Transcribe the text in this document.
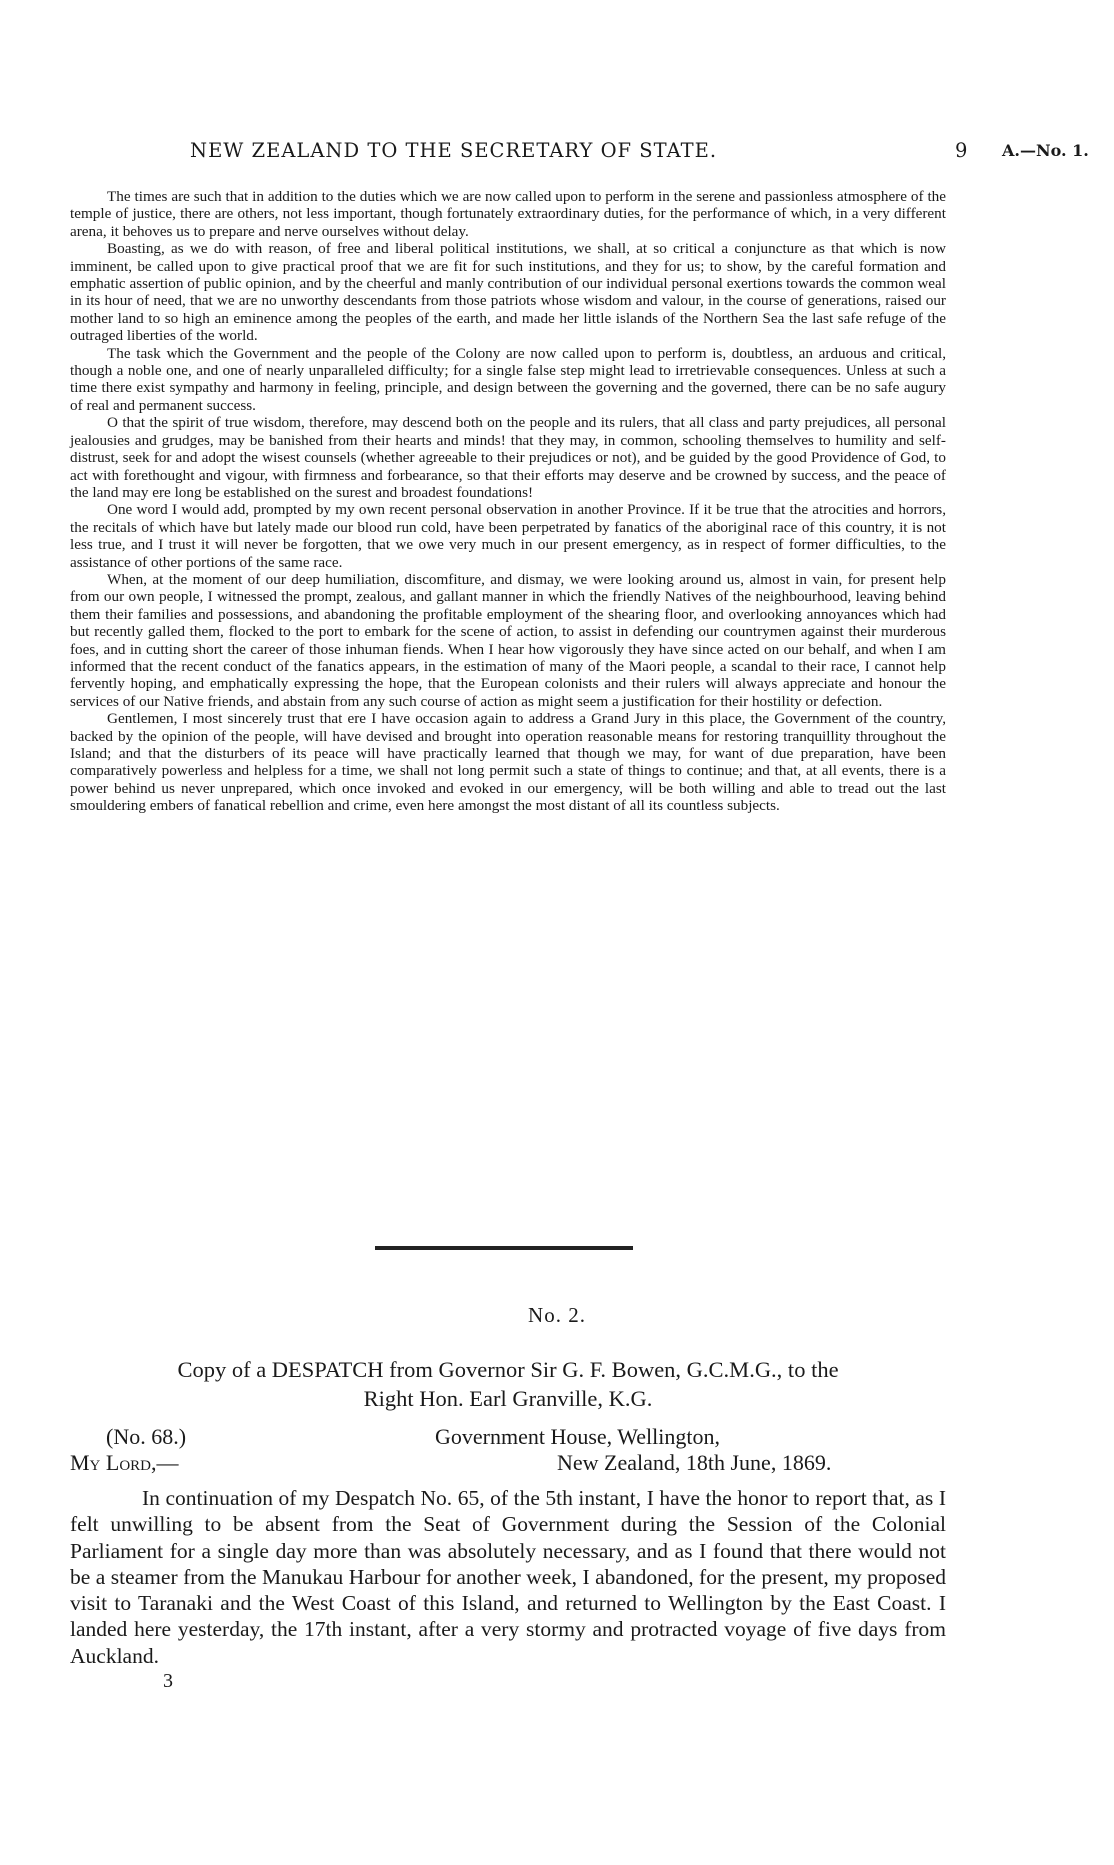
NEW ZEALAND TO THE SECRETARY OF STATE.	9 A.—No. 1.

The times are such that in addition to the duties which we are now called upon to perform in the serene and passionless atmosphere of the temple of justice, there are others, not less important, though fortunately extraordinary duties, for the performance of which, in a very different arena, it behoves us to prepare and nerve ourselves without delay.

Boasting, as we do with reason, of free and liberal political institutions, we shall, at so critical a conjuncture as that which is now imminent, be called upon to give practical proof that we are fit for such institutions, and they for us; to show, by the careful formation and emphatic assertion of public opinion, and by the cheerful and manly contribution of our individual personal exertions towards the common weal in its hour of need, that we are no unworthy descendants from those patriots whose wisdom and valour, in the course of generations, raised our mother land to so high an eminence among the peoples of the earth, and made her little islands of the Northern Sea the last safe refuge of the outraged liberties of the world.

The task which the Government and the people of the Colony are now called upon to perform is, doubtless, an arduous and critical, though a noble one, and one of nearly unparalleled difficulty; for a single false step might lead to irretrievable consequences. Unless at such a time there exist sympathy and harmony in feeling, principle, and design between the governing and the governed, there can be no safe augury of real and permanent success.

O that the spirit of true wisdom, therefore, may descend both on the people and its rulers, that all class and party prejudices, all personal jealousies and grudges, may be banished from their hearts and minds! that they may, in common, schooling themselves to humility and self-distrust, seek for and adopt the wisest counsels (whether agreeable to their prejudices or not), and be guided by the good Providence of God, to act with forethought and vigour, with firmness and forbearance, so that their efforts may deserve and be crowned by success, and the peace of the land may ere long be established on the surest and broadest foundations!

One word I would add, prompted by my own recent personal observation in another Province. If it be true that the atrocities and horrors, the recitals of which have but lately made our blood run cold, have been perpetrated by fanatics of the aboriginal race of this country, it is not less true, and I trust it will never be forgotten, that we owe very much in our present emergency, as in respect of former difficulties, to the assistance of other portions of the same race.

When, at the moment of our deep humiliation, discomfiture, and dismay, we were looking around us, almost in vain, for present help from our own people, I witnessed the prompt, zealous, and gallant manner in which the friendly Natives of the neighbourhood, leaving behind them their families and possessions, and abandoning the profitable employment of the shearing floor, and overlooking annoyances which had but recently galled them, flocked to the port to embark for the scene of action, to assist in defending our countrymen against their murderous foes, and in cutting short the career of those inhuman fiends. When I hear how vigorously they have since acted on our behalf, and when I am informed that the recent conduct of the fanatics appears, in the estimation of many of the Maori people, a scandal to their race, I cannot help fervently hoping, and emphatically expressing the hope, that the European colonists and their rulers will always appreciate and honour the services of our Native friends, and abstain from any such course of action as might seem a justification for their hostility or defection.

Gentlemen, I most sincerely trust that ere I have occasion again to address a Grand Jury in this place, the Government of the country, backed by the opinion of the people, will have devised and brought into operation reasonable means for restoring tranquillity throughout the Island; and that the disturbers of its peace will have practically learned that though we may, for want of due preparation, have been comparatively powerless and helpless for a time, we shall not long permit such a state of things to continue; and that, at all events, there is a power behind us never unprepared, which once invoked and evoked in our emergency, will be both willing and able to tread out the last smouldering embers of fanatical rebellion and crime, even here amongst the most distant of all its countless subjects.

No. 2.
Copy of a DESPATCH from Governor Sir G. F. Bowen, G.C.M.G., to the
Right Hon. Earl Granville, K.G.
(No. 68.)	Government House, Wellington,
My Lord,—	New Zealand, 18th June, 1869.

In continuation of my Despatch No. 65, of the 5th instant, I have the honor to report that, as I felt unwilling to be absent from the Seat of Government during the Session of the Colonial Parliament for a single day more than was absolutely necessary, and as I found that there would not be a steamer from the Manukau Harbour for another week, I abandoned, for the present, my proposed visit to Taranaki and the West Coast of this Island, and returned to Wellington by the East Coast. I landed here yesterday, the 17th instant, after a very stormy and protracted voyage of five days from Auckland.

3
